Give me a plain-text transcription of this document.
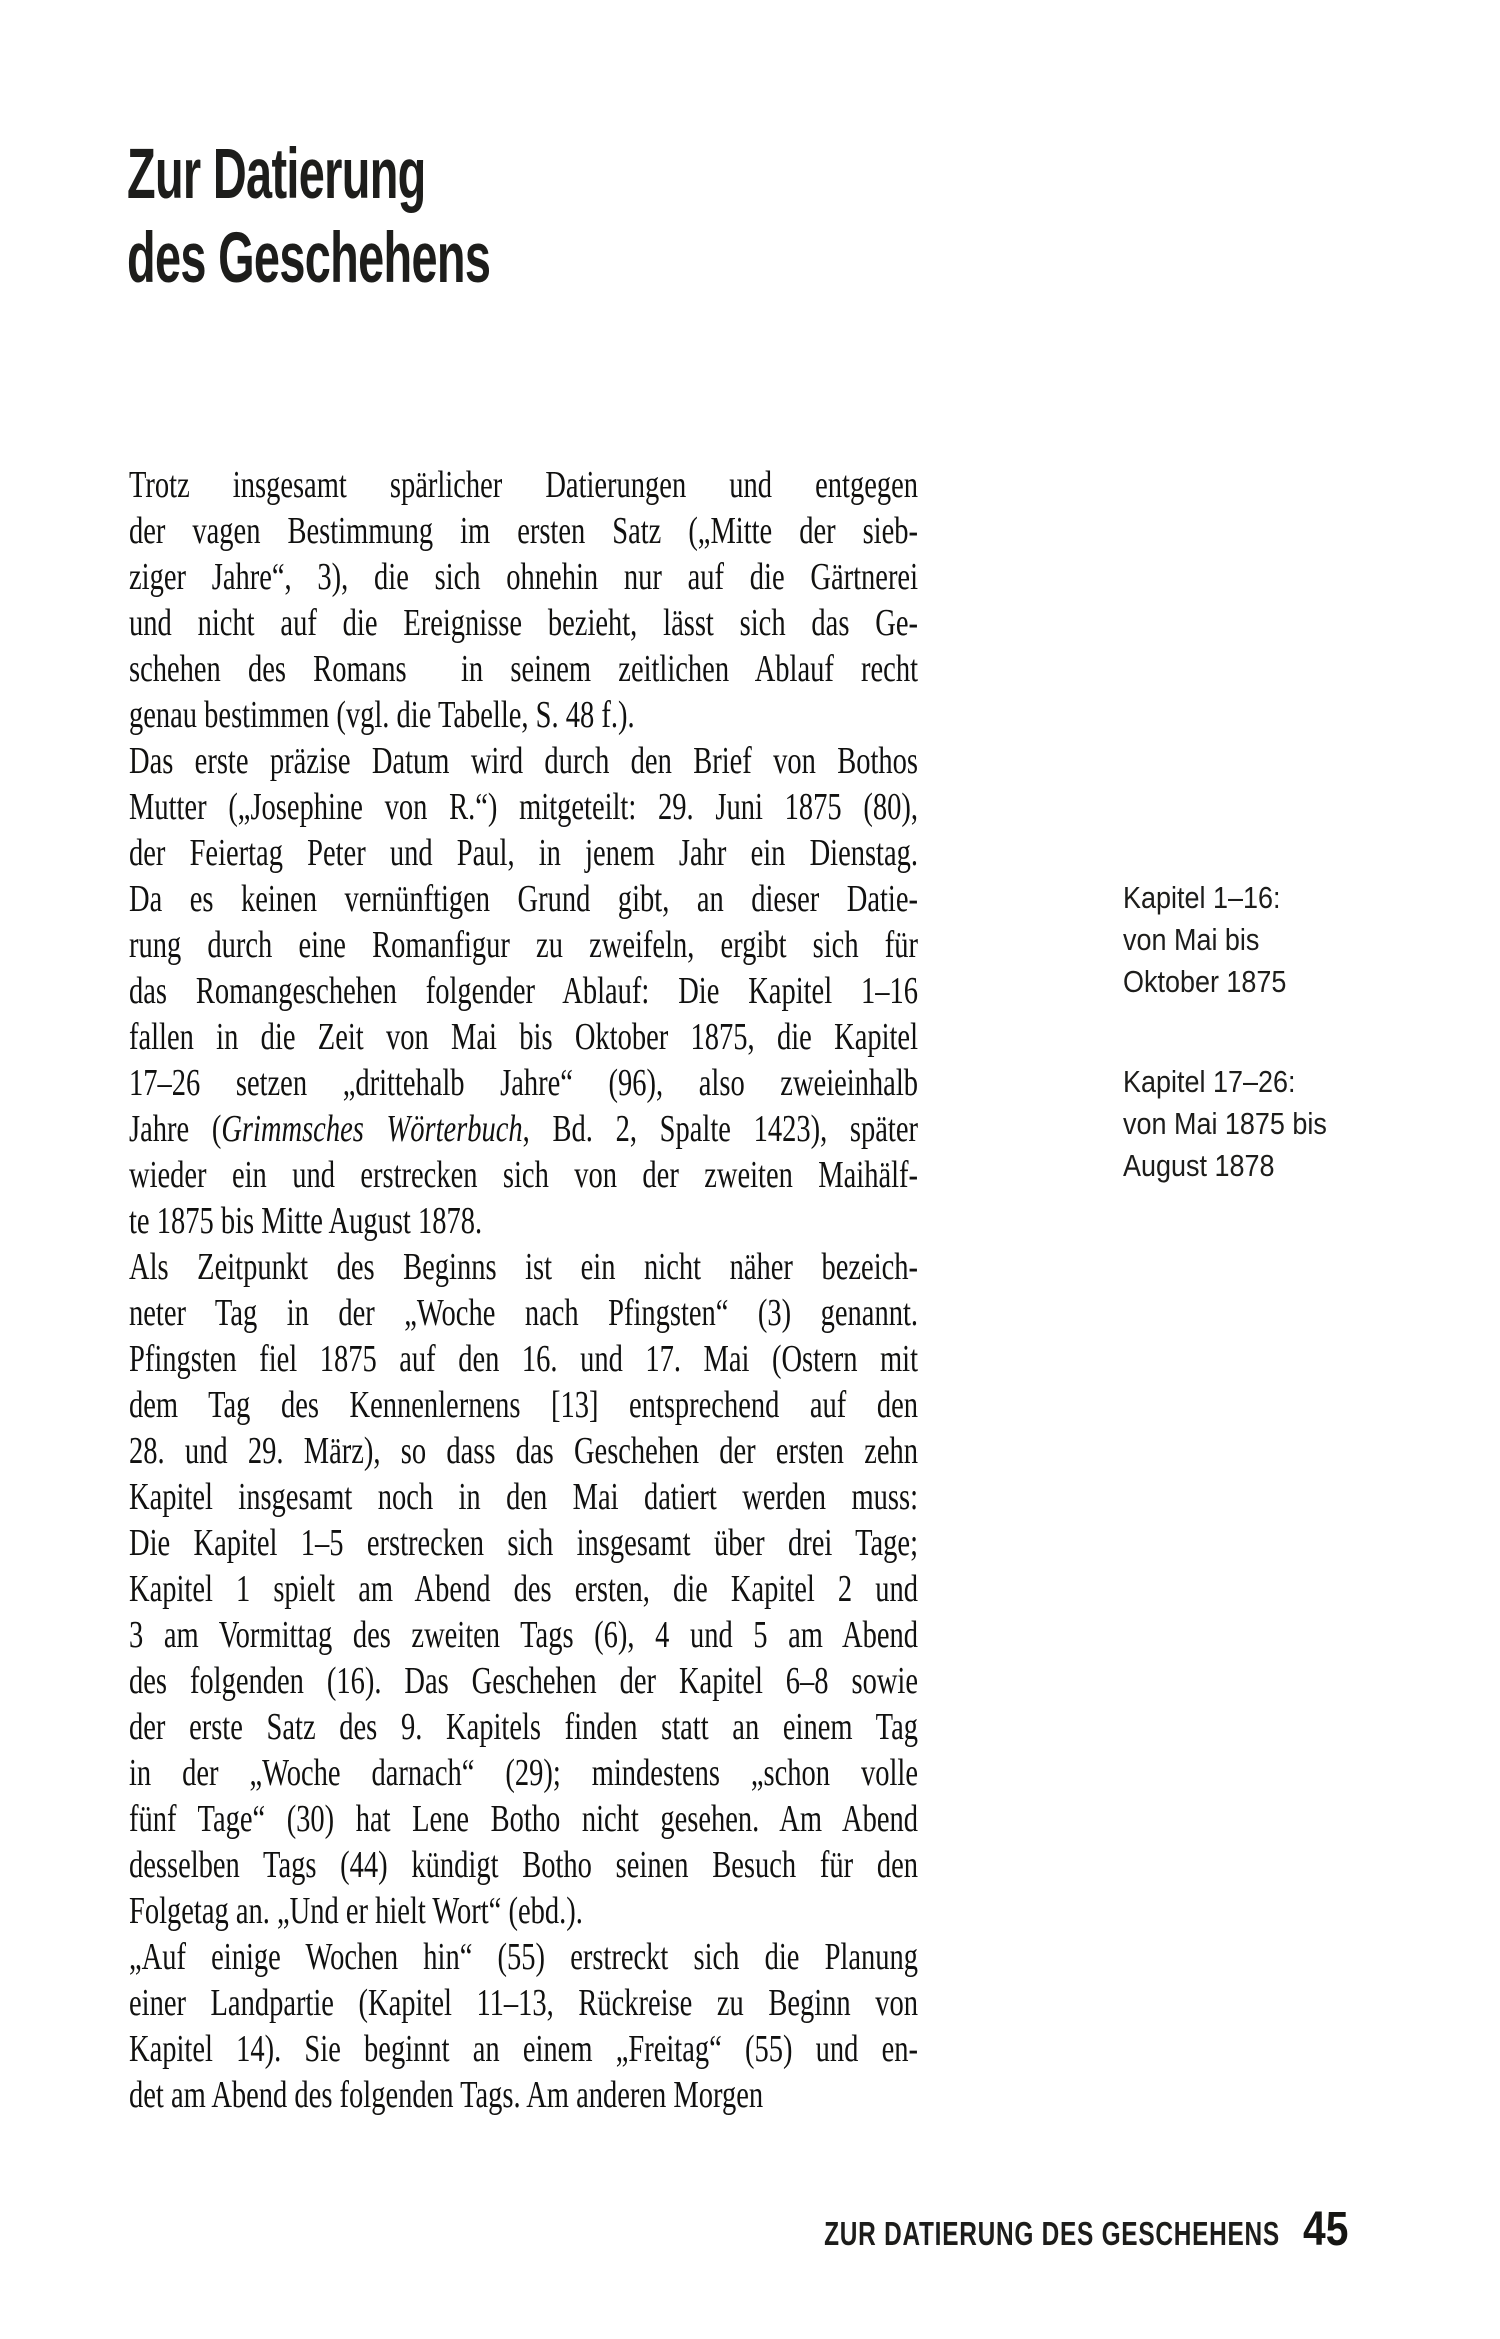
Zur Datierung
des Geschehens
Trotz insgesamt spärlicher Datierungen und entgegen
der vagen Bestimmung im ersten Satz („Mitte der sieb-
ziger Jahre“, 3), die sich ohnehin nur auf die Gärtnerei
und nicht auf die Ereignisse bezieht, lässt sich das Ge-
schehen des Romans  in seinem zeitlichen Ablauf recht
genau bestimmen (vgl. die Tabelle, S. 48 f.).
Das erste präzise Datum wird durch den Brief von Bothos
Mutter („Josephine von R.“) mitgeteilt: 29. Juni 1875 (80),
der Feiertag Peter und Paul, in jenem Jahr ein Dienstag.
Da es keinen vernünftigen Grund gibt, an dieser Datie-
rung durch eine Romanfigur zu zweifeln, ergibt sich für
das Romangeschehen folgender Ablauf: Die Kapitel 1–16
fallen in die Zeit von Mai bis Oktober 1875, die Kapitel
17–26 setzen „drittehalb Jahre“ (96), also zweieinhalb
Jahre (Grimmsches Wörterbuch, Bd. 2, Spalte 1423), später
wieder ein und erstrecken sich von der zweiten Maihälf-
te 1875 bis Mitte August 1878.
Als Zeitpunkt des Beginns ist ein nicht näher bezeich-
neter Tag in der „Woche nach Pfingsten“ (3) genannt.
Pfingsten fiel 1875 auf den 16. und 17. Mai (Ostern mit
dem Tag des Kennenlernens [13] entsprechend auf den
28. und 29. März), so dass das Geschehen der ersten zehn
Kapitel insgesamt noch in den Mai datiert werden muss:
Die Kapitel 1–5 erstrecken sich insgesamt über drei Tage;
Kapitel 1 spielt am Abend des ersten, die Kapitel 2 und
3 am Vormittag des zweiten Tags (6), 4 und 5 am Abend
des folgenden (16). Das Geschehen der Kapitel 6–8 sowie
der erste Satz des 9. Kapitels finden statt an einem Tag
in der „Woche darnach“ (29); mindestens „schon volle
fünf Tage“ (30) hat Lene Botho nicht gesehen. Am Abend
desselben Tags (44) kündigt Botho seinen Besuch für den
Folgetag an. „Und er hielt Wort“ (ebd.).
„Auf einige Wochen hin“ (55) erstreckt sich die Planung
einer Landpartie (Kapitel 11–13, Rückreise zu Beginn von
Kapitel 14). Sie beginnt an einem „Freitag“ (55) und en-
det am Abend des folgenden Tags. Am anderen Morgen
Kapitel 1–16:
von Mai bis
Oktober 1875
Kapitel 17–26:
von Mai 1875 bis
August 1878
ZUR DATIERUNG DES GESCHEHENS 45
